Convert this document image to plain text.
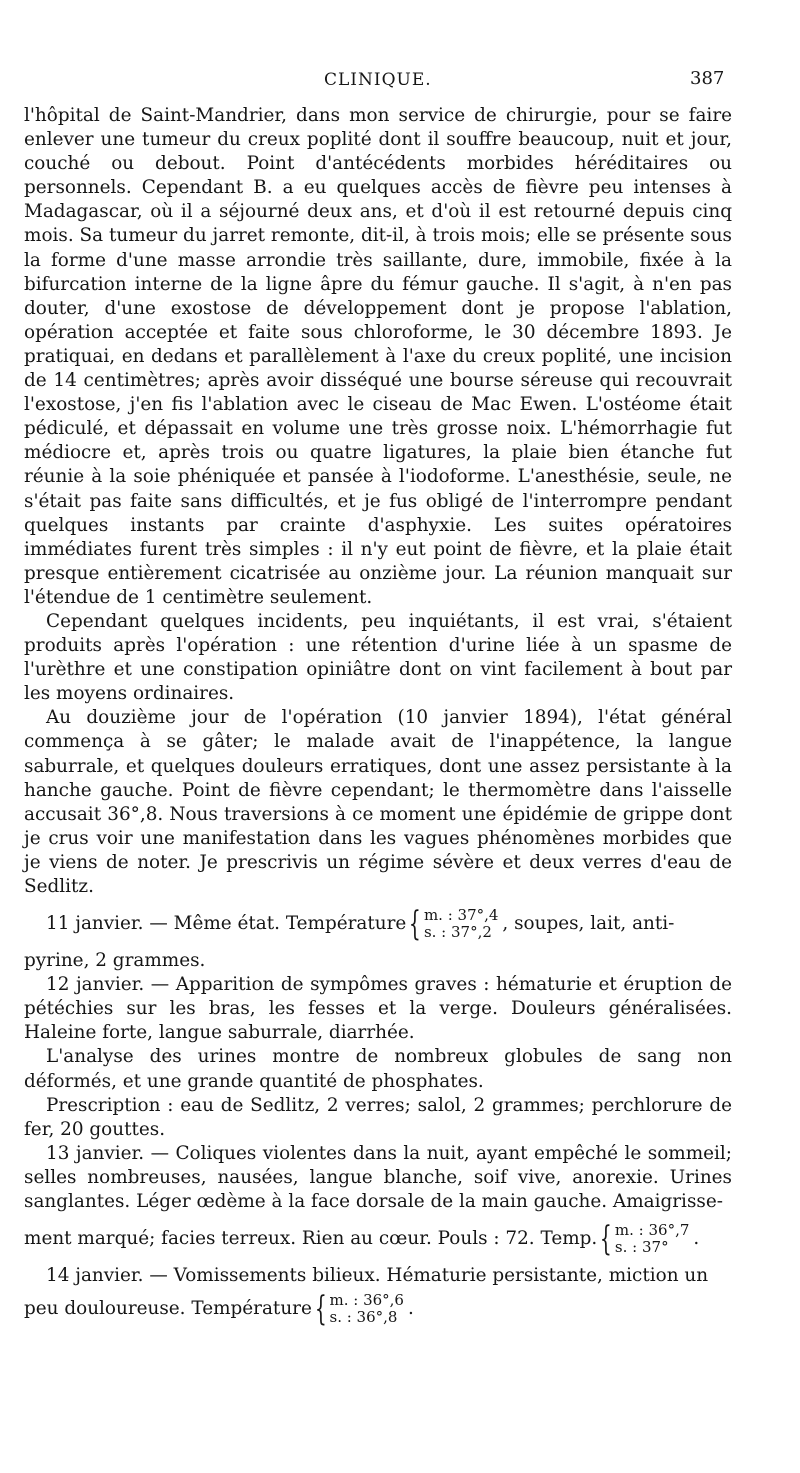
CLINIQUE.	387

l'hôpital de Saint-Mandrier, dans mon service de chirurgie, pour se faire enlever une tumeur du creux poplité dont il souffre beaucoup, nuit et jour, couché ou debout. Point d'antécédents morbides héréditaires ou personnels. Cependant B. a eu quelques accès de fièvre peu intenses à Madagascar, où il a séjourné deux ans, et d'où il est retourné depuis cinq mois. Sa tumeur du jarret remonte, dit-il, à trois mois; elle se présente sous la forme d'une masse arrondie très saillante, dure, immobile, fixée à la bifurcation interne de la ligne âpre du fémur gauche. Il s'agit, à n'en pas douter, d'une exostose de développement dont je propose l'ablation, opération acceptée et faite sous chloroforme, le 30 décembre 1893. Je pratiquai, en dedans et parallèlement à l'axe du creux poplité, une incision de 14 centimètres; après avoir disséqué une bourse séreuse qui recouvrait l'exostose, j'en fis l'ablation avec le ciseau de Mac Ewen. L'ostéome était pédiculé, et dépassait en volume une très grosse noix. L'hémorrhagie fut médiocre et, après trois ou quatre ligatures, la plaie bien étanche fut réunie à la soie phéniquée et pansée à l'iodoforme. L'anesthésie, seule, ne s'était pas faite sans difficultés, et je fus obligé de l'interrompre pendant quelques instants par crainte d'asphyxie. Les suites opératoires immédiates furent très simples : il n'y eut point de fièvre, et la plaie était presque entièrement cicatrisée au onzième jour. La réunion manquait sur l'étendue de 1 centimètre seulement.

Cependant quelques incidents, peu inquiétants, il est vrai, s'étaient produits après l'opération : une rétention d'urine liée à un spasme de l'urèthre et une constipation opiniâtre dont on vint facilement à bout par les moyens ordinaires.

Au douzième jour de l'opération (10 janvier 1894), l'état général commença à se gâter; le malade avait de l'inappétence, la langue saburrale, et quelques douleurs erratiques, dont une assez persistante à la hanche gauche. Point de fièvre cependant; le thermomètre dans l'aisselle accusait 36°,8. Nous traversions à ce moment une épidémie de grippe dont je crus voir une manifestation dans les vagues phénomènes morbides que je viens de noter. Je prescrivis un régime sévère et deux verres d'eau de Sedlitz.

11 janvier. — Même état. Température { m. : 37°,4
s. : 37°,2 , soupes, lait, anti-

pyrine, 2 grammes.

12 janvier. — Apparition de sympômes graves : hématurie et éruption de pétéchies sur les bras, les fesses et la verge. Douleurs généralisées. Haleine forte, langue saburrale, diarrhée.

L'analyse des urines montre de nombreux globules de sang non déformés, et une grande quantité de phosphates.

Prescription : eau de Sedlitz, 2 verres; salol, 2 grammes; perchlorure de fer, 20 gouttes.

13 janvier. — Coliques violentes dans la nuit, ayant empêché le sommeil; selles nombreuses, nausées, langue blanche, soif vive, anorexie. Urines sanglantes. Léger œdème à la face dorsale de la main gauche. Amaigrisse-

ment marqué; facies terreux. Rien au cœur. Pouls : 72. Temp. { m. : 36°,7
s. : 37°	.

14 janvier. — Vomissements bilieux. Hématurie persistante, miction un

peu douloureuse. Température { m. : 36°,6
s. : 36°,8 .
